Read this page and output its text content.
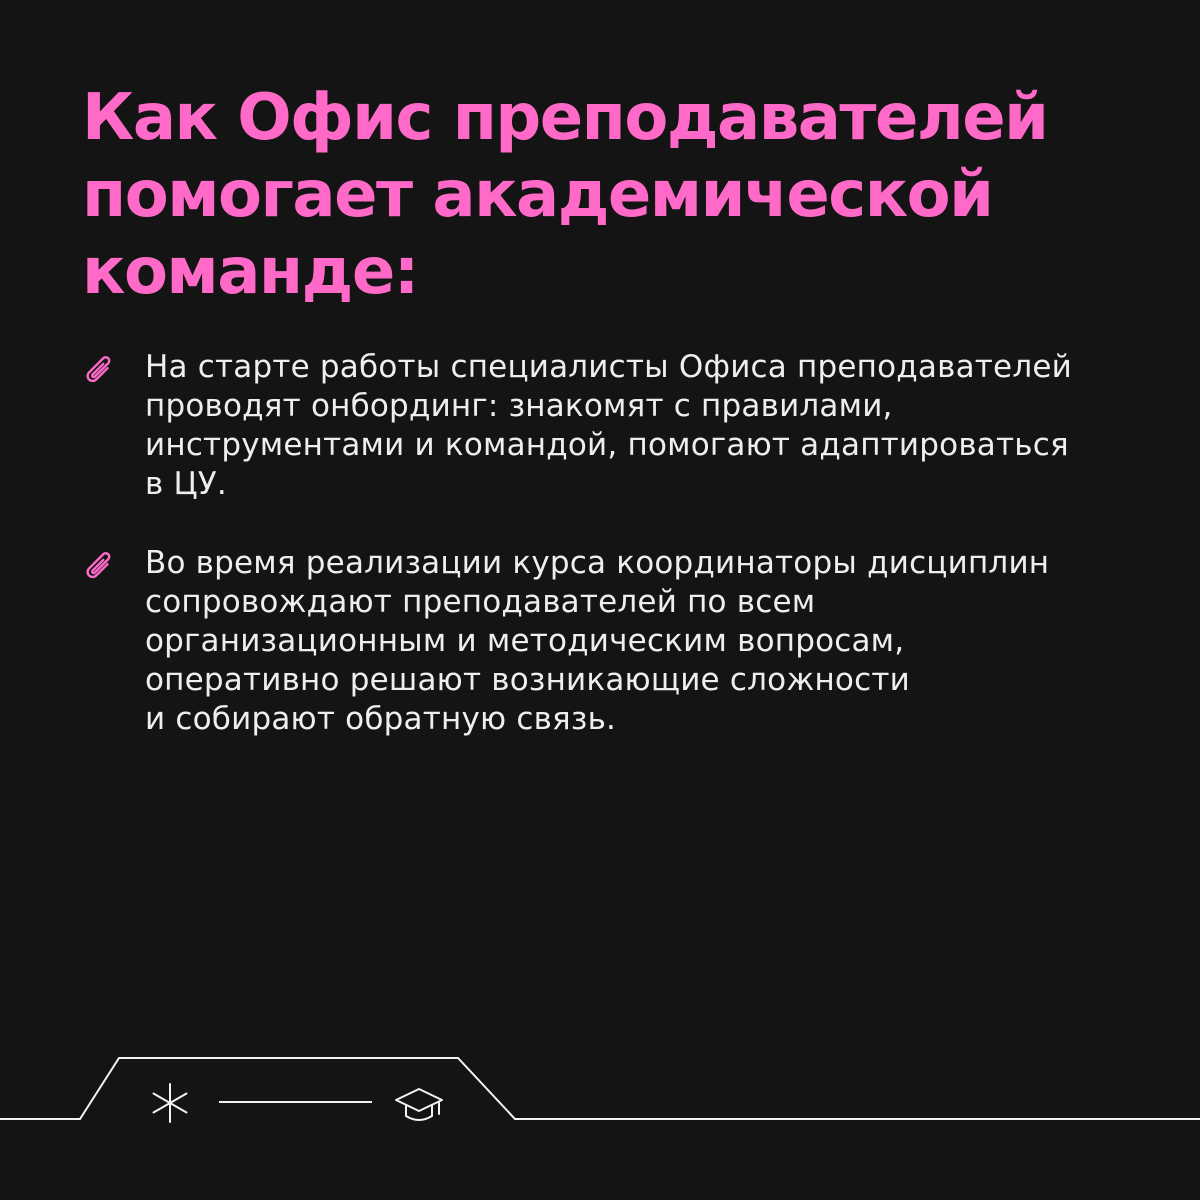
Как Офис преподавателей
помогает академической
команде:
На старте работы специалисты Офиса преподавателей
проводят онбординг: знакомят с правилами,
инструментами и командой, помогают адаптироваться
в ЦУ.
Во время реализации курса координаторы дисциплин
сопровождают преподавателей по всем
организационным и методическим вопросам,
оперативно решают возникающие сложности
и собирают обратную связь.
